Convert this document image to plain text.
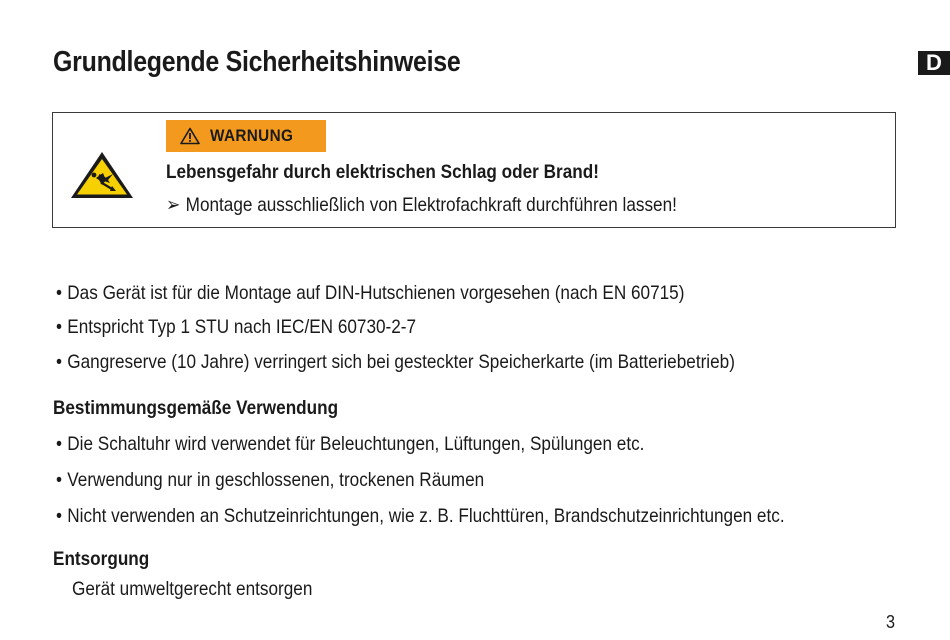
Grundlegende Sicherheitshinweise	D
WARNUNG
Lebensgefahr durch elektrischen Schlag oder Brand!
➢ Montage ausschließlich von Elektrofachkraft durchführen lassen!
• Das Gerät ist für die Montage auf DIN-Hutschienen vorgesehen (nach EN 60715)
• Entspricht Typ 1 STU nach IEC/EN 60730-2-7
• Gangreserve (10 Jahre) verringert sich bei gesteckter Speicherkarte (im Batteriebetrieb)
Bestimmungsgemäße Verwendung
• Die Schaltuhr wird verwendet für Beleuchtungen, Lüftungen, Spülungen etc.
• Verwendung nur in geschlossenen, trockenen Räumen
• Nicht verwenden an Schutzeinrichtungen, wie z. B. Fluchttüren, Brandschutzeinrichtungen etc.
Entsorgung
Gerät umweltgerecht entsorgen
3
